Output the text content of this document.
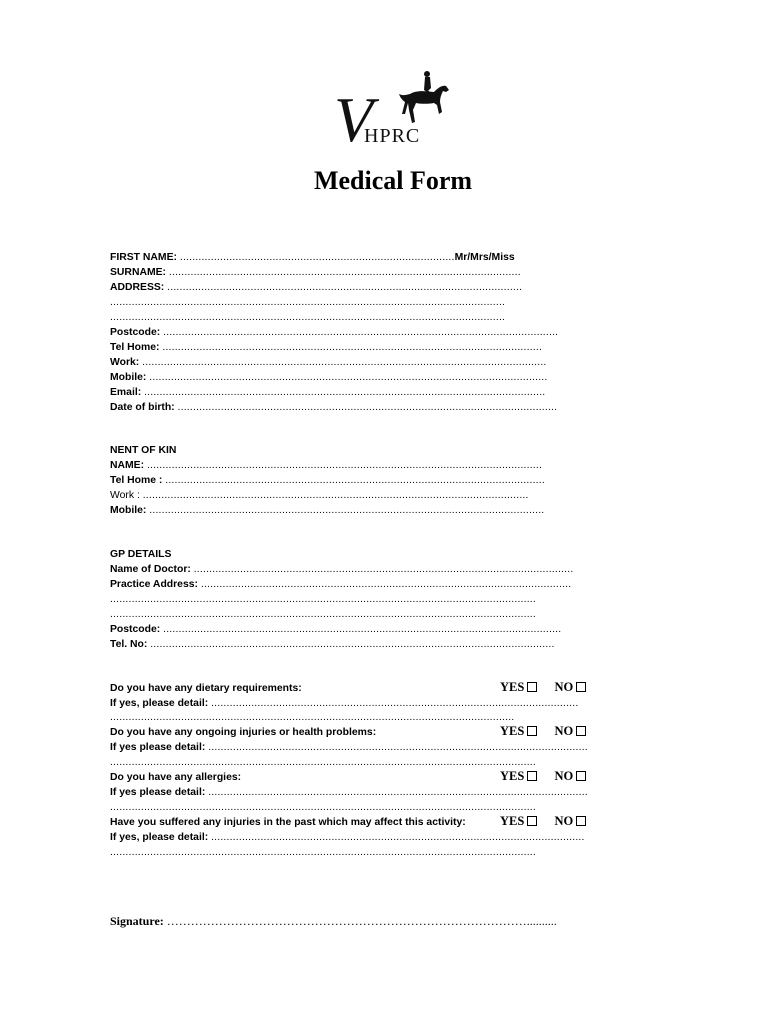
V
HPRC
Medical Form
FIRST NAME: .........................................................................................Mr/Mrs/Miss
SURNAME: ..................................................................................................................
ADDRESS: ...................................................................................................................
................................................................................................................................
................................................................................................................................
Postcode: ................................................................................................................................
Tel Home: ...........................................................................................................................
Work: ...................................................................................................................................
Mobile: .................................................................................................................................
Email: ..................................................................................................................................
Date of birth: ...........................................................................................................................
NENT OF KIN
NAME: ................................................................................................................................
Tel Home : ...........................................................................................................................
Work : .............................................................................................................................
Mobile: ................................................................................................................................
GP DETAILS
Name of Doctor: ...........................................................................................................................
Practice Address: ........................................................................................................................
..........................................................................................................................................
..........................................................................................................................................
Postcode: .................................................................................................................................
Tel. No: ...................................................................................................................................
Do you have any dietary requirements:	YES NO
If yes, please detail: .......................................................................................................................
...................................................................................................................................
Do you have any ongoing injuries or health problems:	YES NO
If yes please detail: ...........................................................................................................................
..........................................................................................................................................
Do you have any allergies:	YES NO
If yes please detail: ...........................................................................................................................
..........................................................................................................................................
Have you suffered any injuries in the past which may affect this activity:	YES NO
If yes, please detail: .........................................................................................................................
..........................................................................................................................................
Signature: ………………………………………………………………………………..........
